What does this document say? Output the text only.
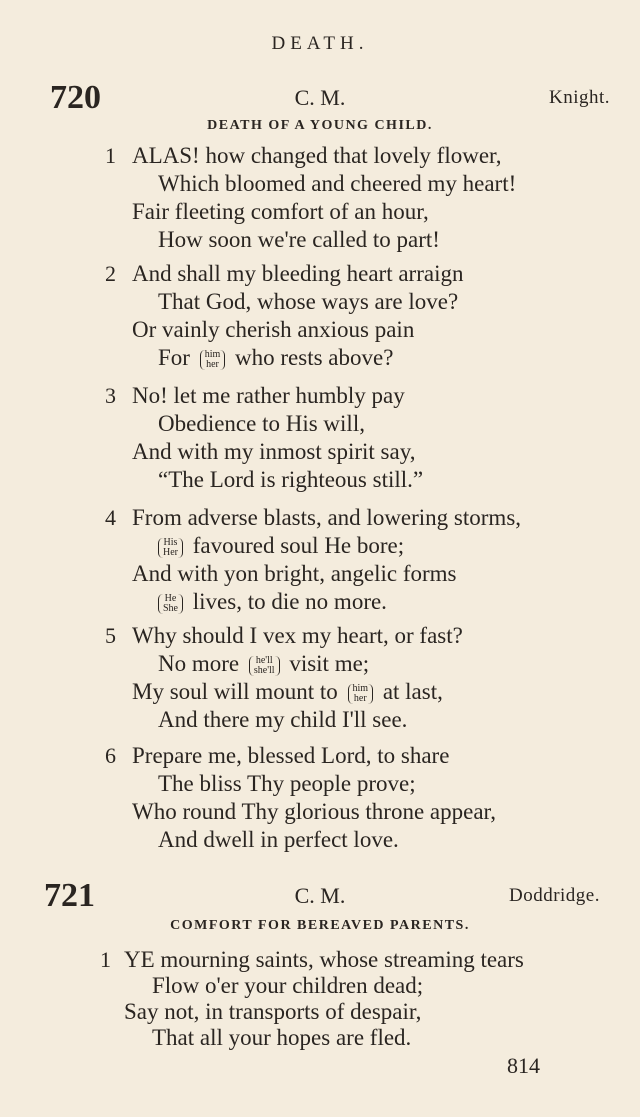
DEATH.
720	C. M.	Knight.
DEATH OF A YOUNG CHILD.
1 ALAS! how changed that lovely flower,
Which bloomed and cheered my heart!
Fair fleeting comfort of an hour,
How soon we're called to part!
2 And shall my bleeding heart arraign
That God, whose ways are love?
Or vainly cherish anxious pain
For him
her who rests above?
3 No! let me rather humbly pay
Obedience to His will,
And with my inmost spirit say,
“The Lord is righteous still.”
4 From adverse blasts, and lowering storms,
His
Her favoured soul He bore;
And with yon bright, angelic forms
He
She lives, to die no more.
5 Why should I vex my heart, or fast?
No more he'll
she'll visit me;
My soul will mount to him
her at last,
And there my child I'll see.
6 Prepare me, blessed Lord, to share
The bliss Thy people prove;
Who round Thy glorious throne appear,
And dwell in perfect love.
721	C. M.	Doddridge.
COMFORT FOR BEREAVED PARENTS.
1 YE mourning saints, whose streaming tears
Flow o'er your children dead;
Say not, in transports of despair,
That all your hopes are fled.
814
